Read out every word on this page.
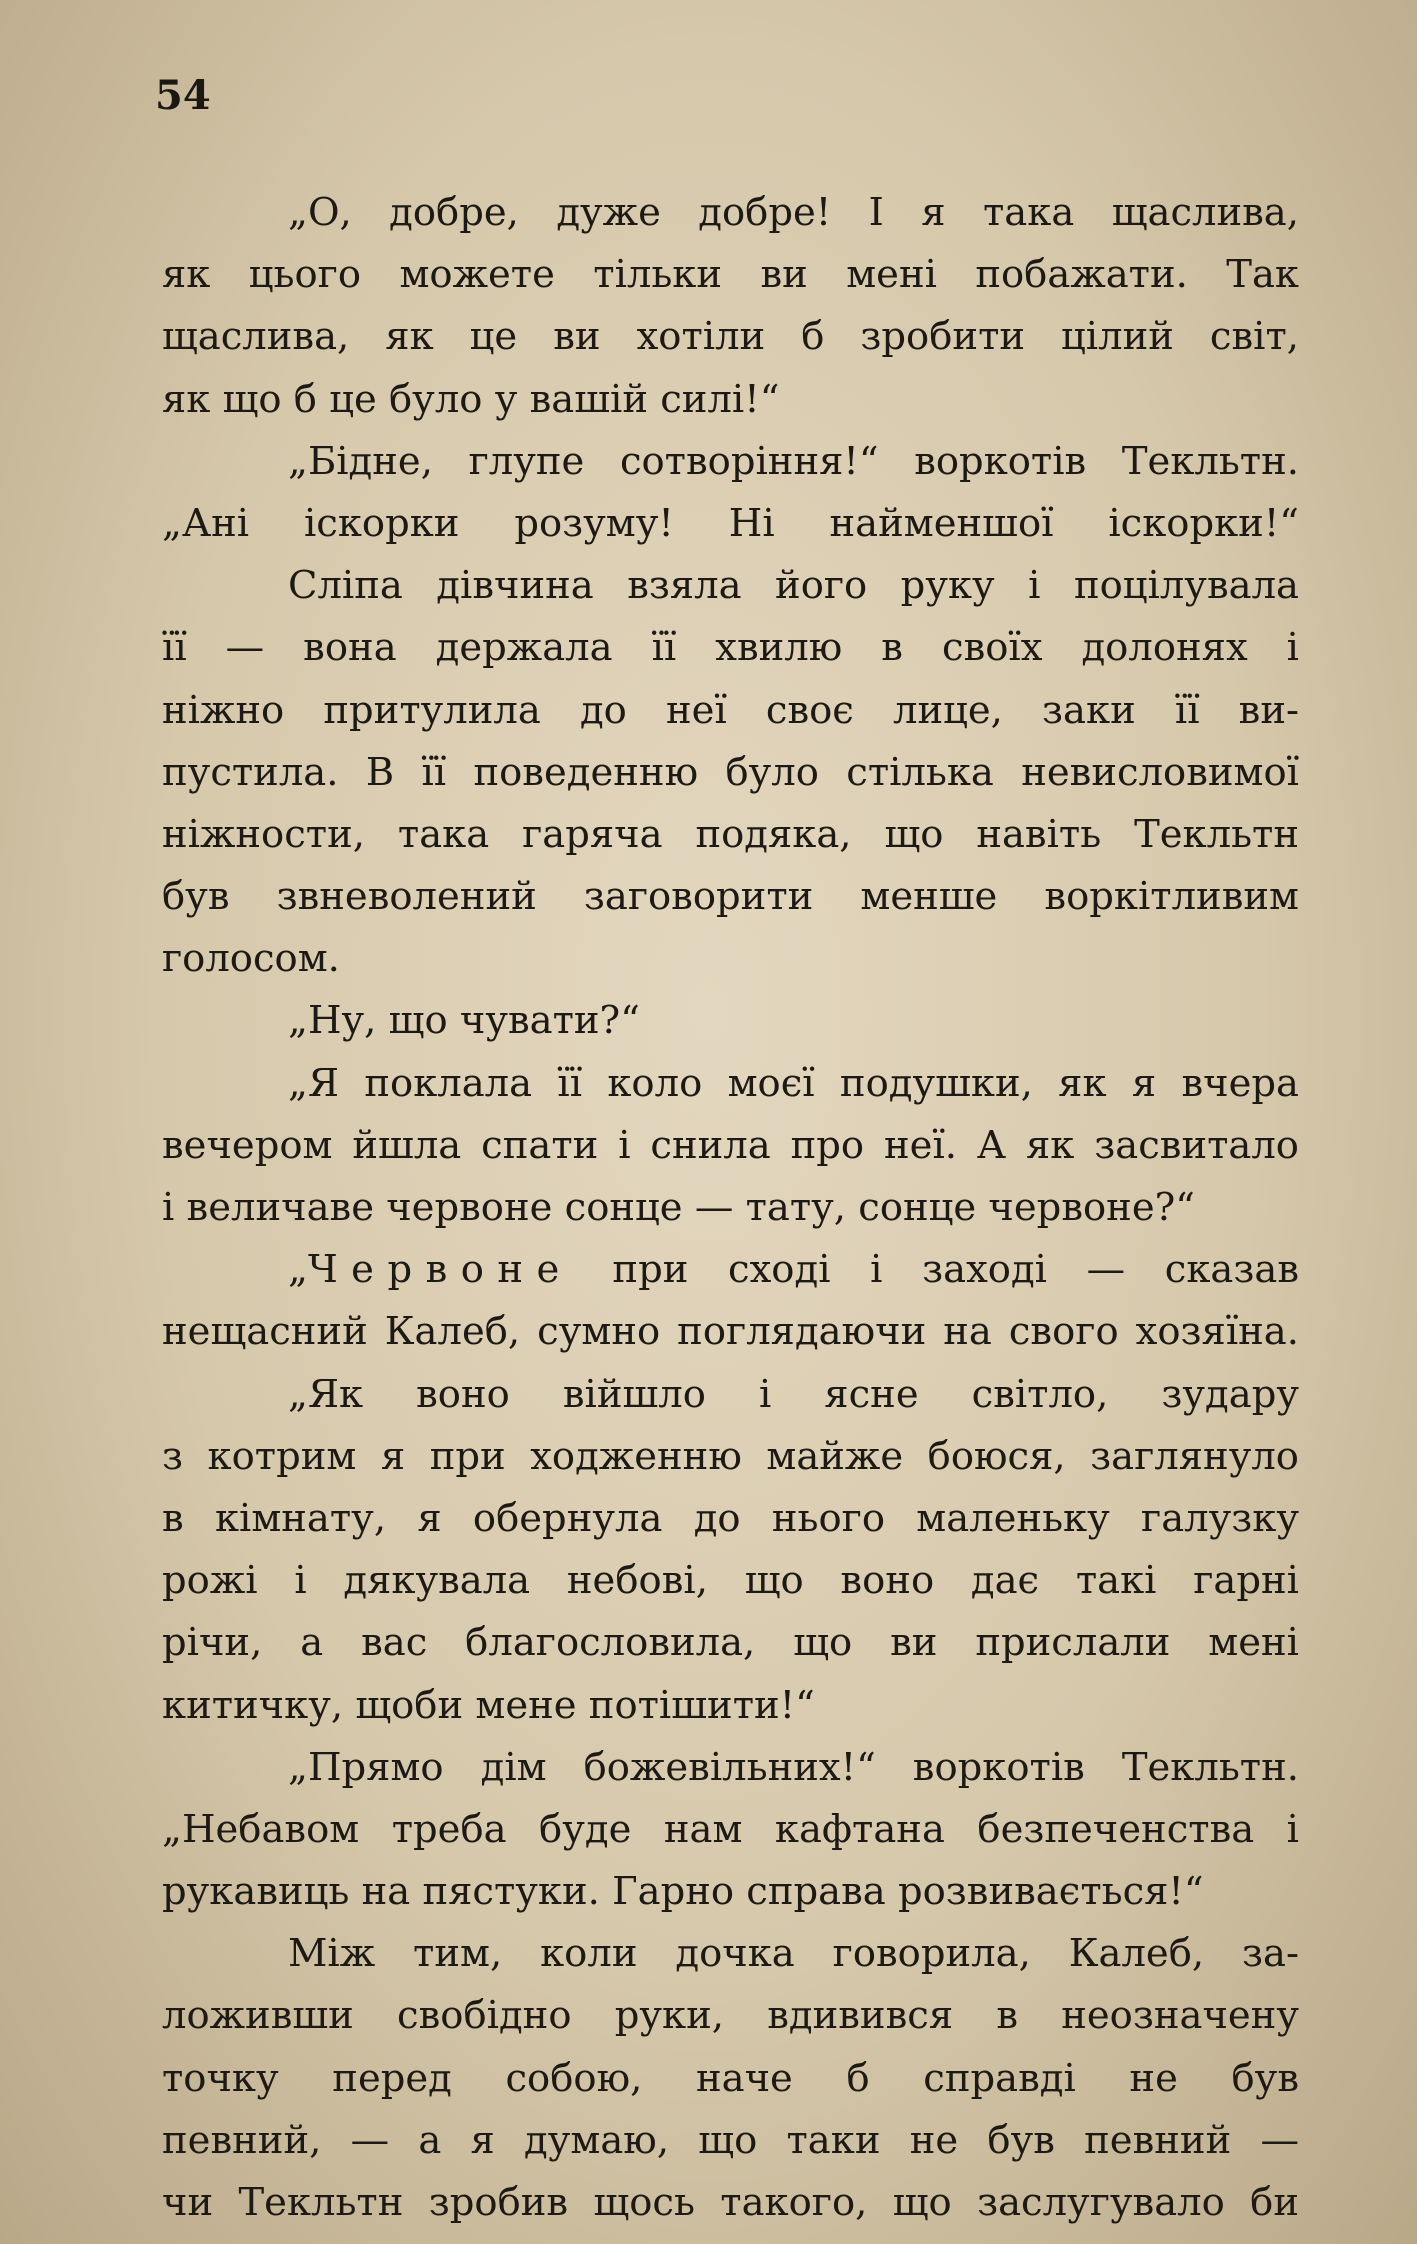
54
„О, добре, дуже добре! І я така щаслива,
як цього можете тільки ви мені побажати. Так
щаслива, як це ви хотіли б зробити цілий світ,
як що б це було у вашій силі!“
„Бідне, глупе сотворіння!“ воркотів Текльтн.
„Ані іскорки розуму! Ні найменшої іскорки!“
Сліпа дівчина взяла його руку і поцілувала
її — вона держала її хвилю в своїх долонях і
ніжно притулила до неї своє лице, заки її ви-
пустила. В її поведенню було стілька невисловимої
ніжности, така гаряча подяка, що навіть Текльтн
був звневолений заговорити менше воркітливим
голосом.
„Ну, що чувати?“
„Я поклала її коло моєї подушки, як я вчера
вечером йшла спати і снила про неї. А як засвитало
і величаве червоне сонце — тату, сонце червоне?“
„Червоне при сході і заході — сказав
нещасний Калеб, сумно поглядаючи на свого хозяїна.
„Як воно війшло і ясне світло, зудару
з котрим я при ходженню майже боюся, заглянуло
в кімнату, я обернула до нього маленьку галузку
рожі і дякувала небові, що воно дає такі гарні
річи, а вас благословила, що ви прислали мені
китичку, щоби мене потішити!“
„Прямо дім божевільних!“ воркотів Текльтн.
„Небавом треба буде нам кафтана безпеченства і
рукавиць на пястуки. Гарно справа розвивається!“
Між тим, коли дочка говорила, Калеб, за-
ложивши свобідно руки, вдивився в неозначену
точку перед собою, наче б справді не був
певний, — а я думаю, що таки не був певний —
чи Текльтн зробив щось такого, що заслугувало би
